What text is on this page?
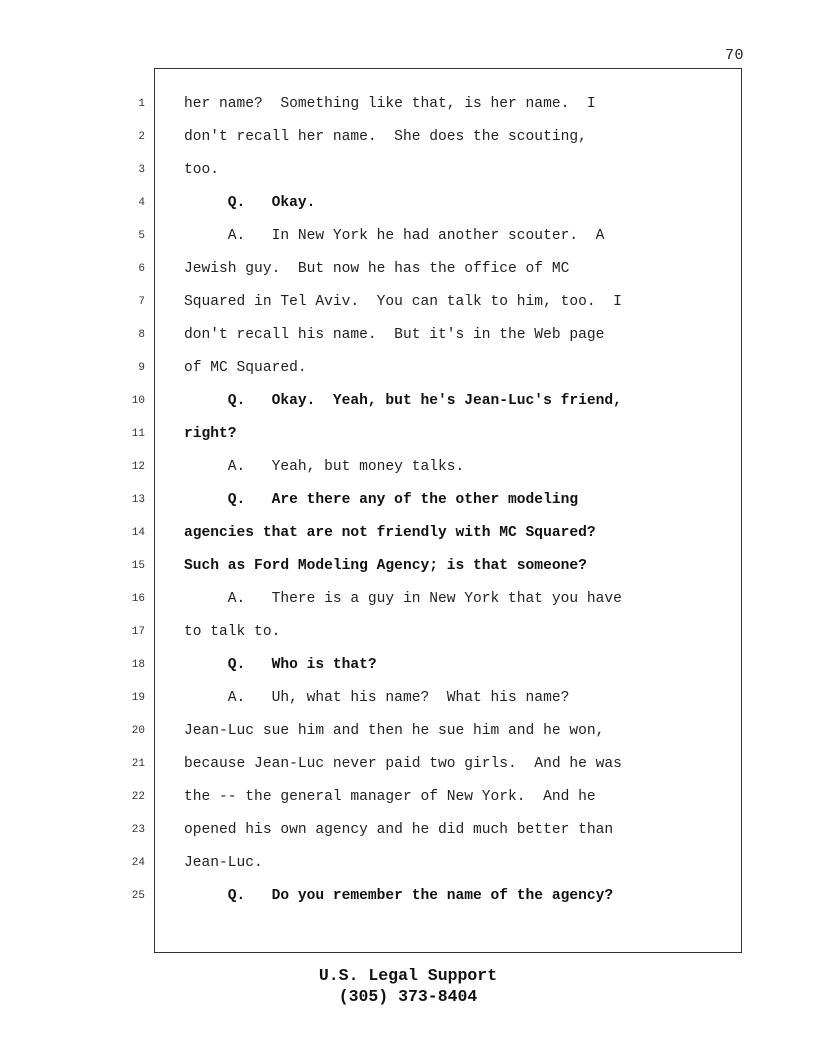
70
1	her name?  Something like that, is her name.  I
2	don't recall her name.  She does the scouting,
3	too.
4	Q.   Okay.
5	A.   In New York he had another scouter.  A
6	Jewish guy.  But now he has the office of MC
7	Squared in Tel Aviv.  You can talk to him, too.  I
8	don't recall his name.  But it's in the Web page
9	of MC Squared.
10	Q.   Okay.  Yeah, but he's Jean-Luc's friend,
11	right?
12	A.   Yeah, but money talks.
13	Q.   Are there any of the other modeling
14	agencies that are not friendly with MC Squared?
15	Such as Ford Modeling Agency; is that someone?
16	A.   There is a guy in New York that you have
17	to talk to.
18	Q.   Who is that?
19	A.   Uh, what his name?  What his name?
20	Jean-Luc sue him and then he sue him and he won,
21	because Jean-Luc never paid two girls.  And he was
22	the -- the general manager of New York.  And he
23	opened his own agency and he did much better than
24	Jean-Luc.
25	Q.   Do you remember the name of the agency?
U.S. Legal Support
(305) 373-8404
